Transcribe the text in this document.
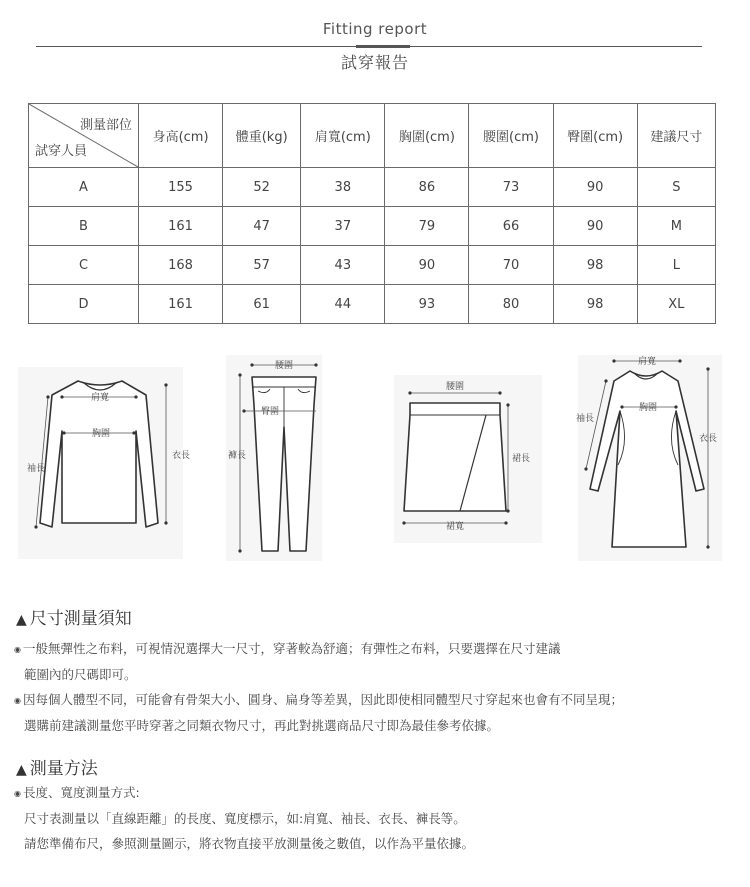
Fitting report
試穿報告
測量部位
試穿人員	身高(cm)	體重(kg)	肩寬(cm)	胸圍(cm)	腰圍(cm)	臀圍(cm)	建議尺寸
A	155	52	38	86	73	90	S
B	161	47	37	79	66	90	M
C	168	57	43	90	70	98	L
D	161	61	44	93	80	98	XL
肩寬
胸圍
衣長
袖長
腰圍
臀圍
褲長
腰圍
裙長
裙寬
肩寬
胸圍
袖長
衣長
▲ 尺寸測量須知
◉ 一般無彈性之布料，可視情況選擇大一尺寸，穿著較為舒適；有彈性之布料，只要選擇在尺寸建議
範圍內的尺碼即可。
◉ 因每個人體型不同，可能會有骨架大小、圓身、扁身等差異，因此即使相同體型尺寸穿起來也會有不同呈現；
選購前建議測量您平時穿著之同類衣物尺寸，再此對挑選商品尺寸即為最佳參考依據。
▲ 測量方法
◉ 長度、寬度測量方式:
尺寸表測量以「直線距離」的長度、寬度標示，如:肩寬、袖長、衣長、褲長等。
請您準備布尺，參照測量圖示，將衣物直接平放測量後之數值，以作為平量依據。
